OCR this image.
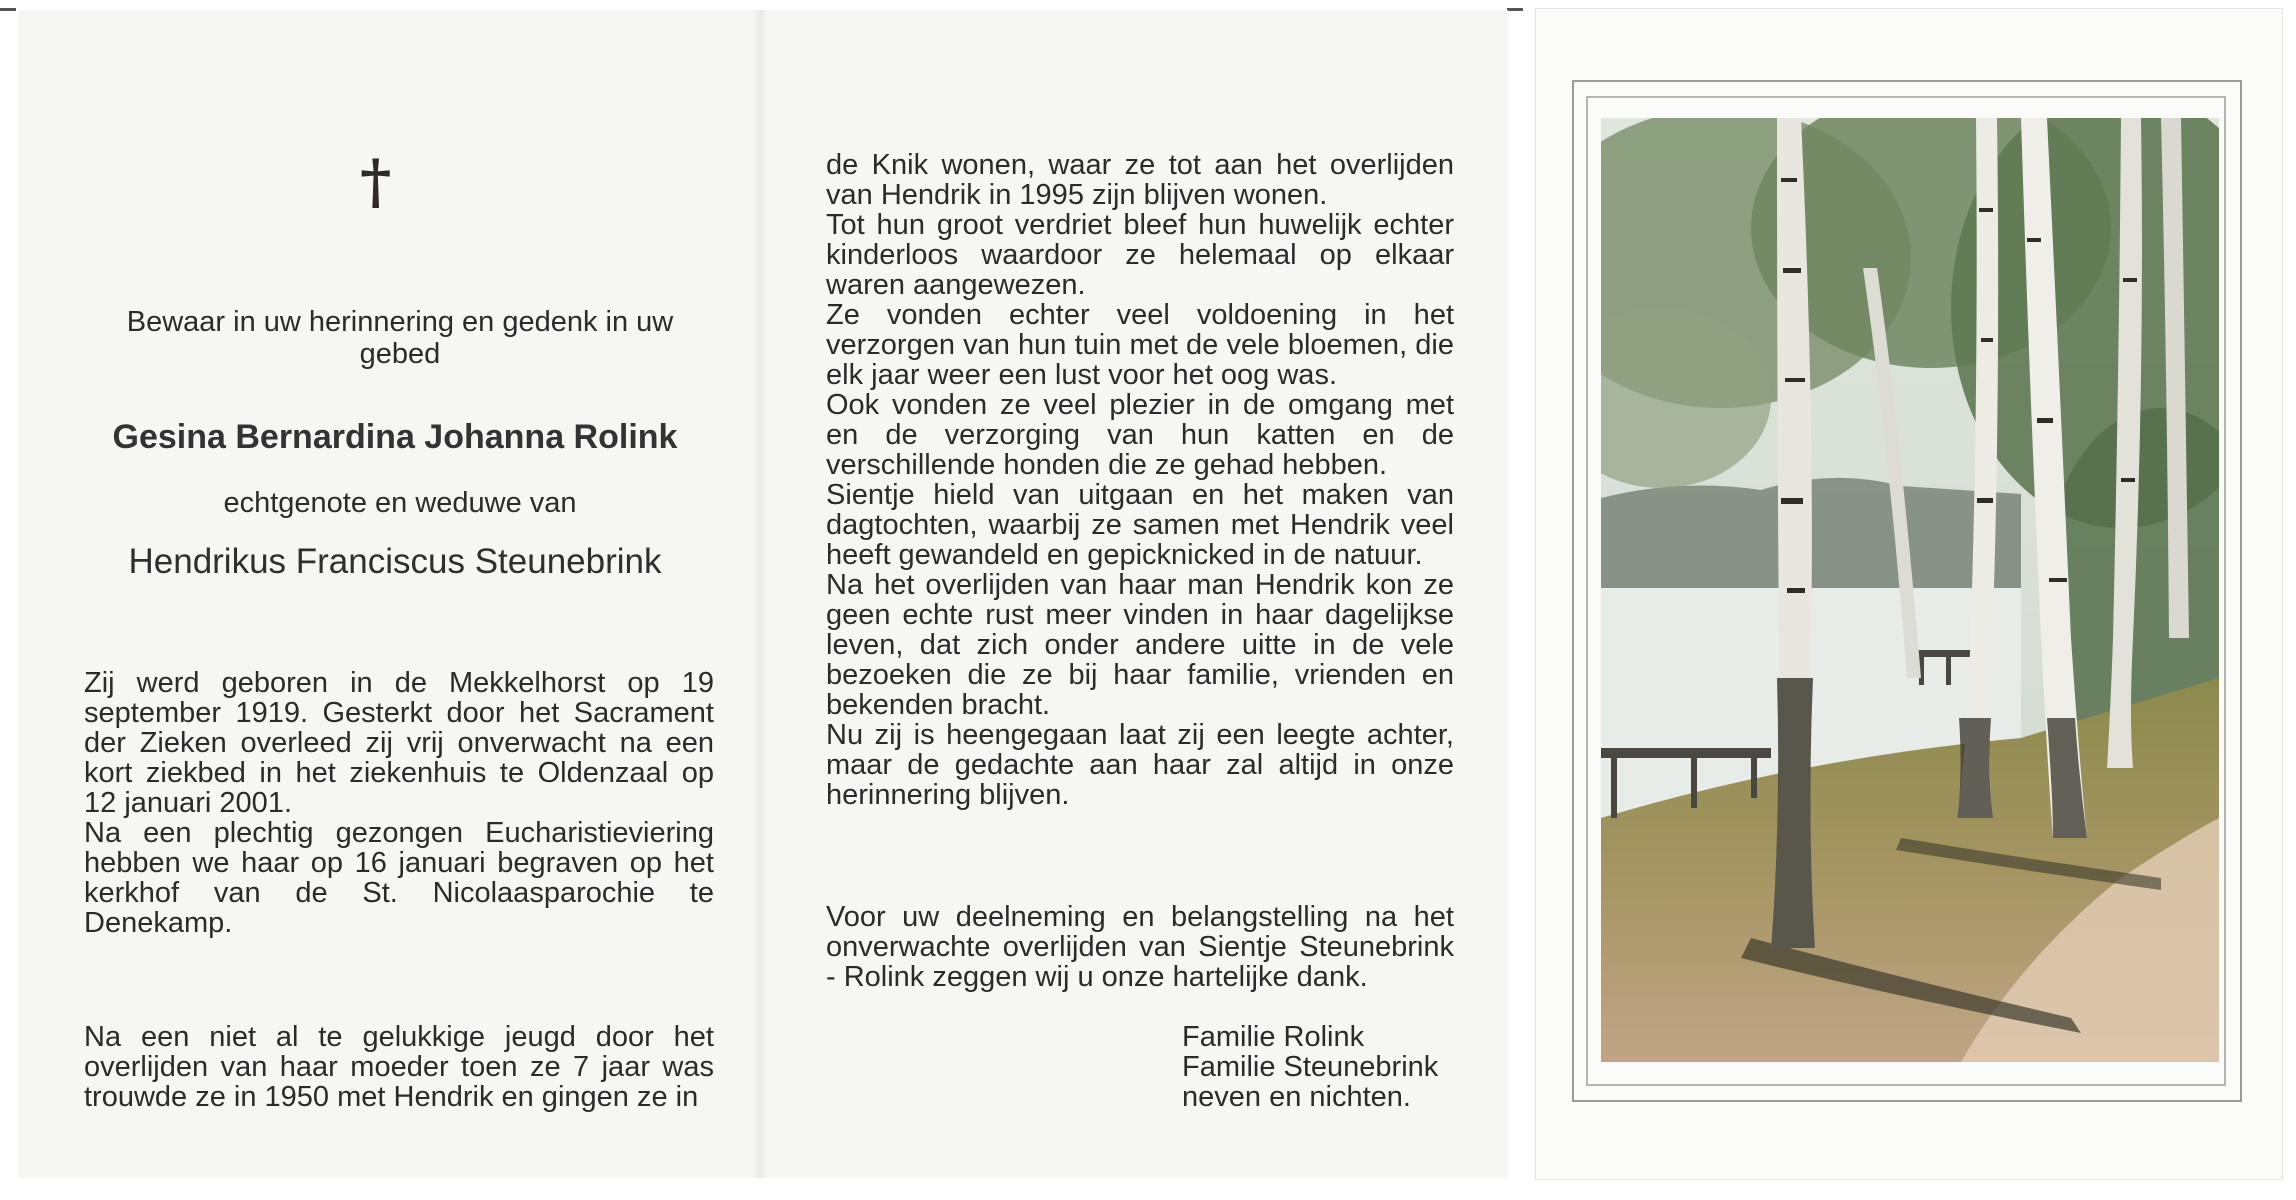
†
Bewaar in uw herinnering en gedenk in uw gebed
Gesina Bernardina Johanna Rolink
echtgenote en weduwe van
Hendrikus Franciscus Steunebrink

Zij werd geboren in de Mekkelhorst op 19 september 1919. Gesterkt door het Sacrament der Zieken overleed zij vrij onverwacht na een kort ziekbed in het ziekenhuis te Oldenzaal op 12 januari 2001.

Na een plechtig gezongen Eucharistieviering hebben we haar op 16 januari begraven op het kerkhof van de St. Nicolaasparochie te Denekamp.

Na een niet al te gelukkige jeugd door het overlijden van haar moeder toen ze 7 jaar was trouwde ze in 1950 met Hendrik en gingen ze in

de Knik wonen, waar ze tot aan het overlijden van Hendrik in 1995 zijn blijven wonen.

Tot hun groot verdriet bleef hun huwelijk echter kinderloos waardoor ze helemaal op elkaar waren aangewezen.

Ze vonden echter veel voldoening in het verzorgen van hun tuin met de vele bloemen, die elk jaar weer een lust voor het oog was.

Ook vonden ze veel plezier in de omgang met en de verzorging van hun katten en de verschillende honden die ze gehad hebben.

Sientje hield van uitgaan en het maken van dagtochten, waarbij ze samen met Hendrik veel heeft gewandeld en gepicknicked in de natuur.

Na het overlijden van haar man Hendrik kon ze geen echte rust meer vinden in haar dagelijkse leven, dat zich onder andere uitte in de vele bezoeken die ze bij haar familie, vrienden en bekenden bracht.

Nu zij is heengegaan laat zij een leegte achter, maar de gedachte aan haar zal altijd in onze herinnering blijven.

Voor uw deelneming en belangstelling na het onverwachte overlijden van Sientje Steunebrink - Rolink zeggen wij u onze hartelijke dank.
Familie Rolink
Familie Steunebrink
neven en nichten.
